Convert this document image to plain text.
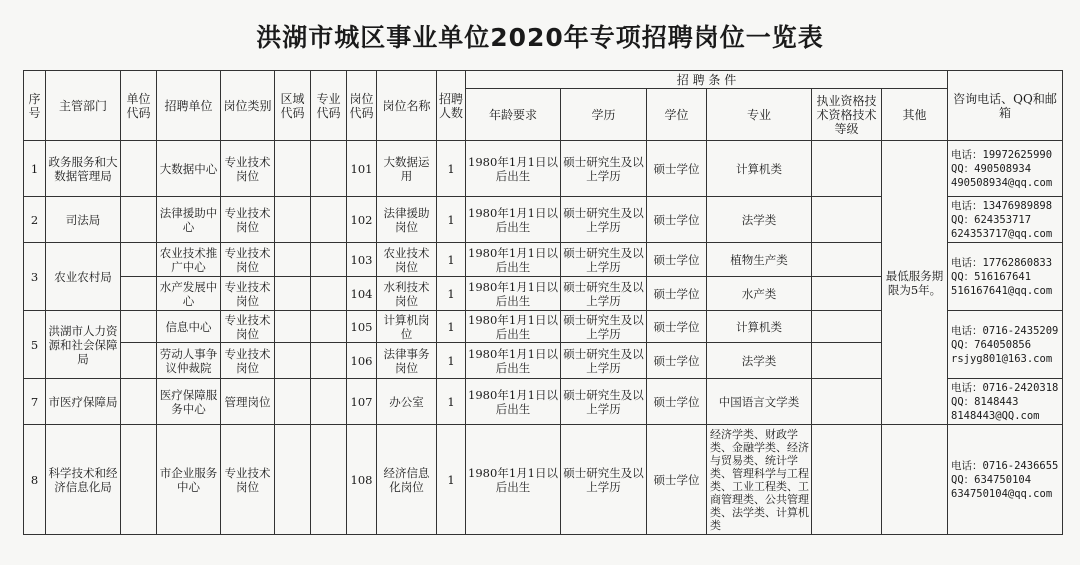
洪湖市城区事业单位2020年专项招聘岗位一览表
序号	主管部门	单位代码	招聘单位	岗位类别	区域代码	专业代码	岗位代码	岗位名称	招聘人数	招 聘 条 件						咨询电话、QQ和邮箱
										年龄要求	学历	学位	专业	执业资格技术资格技术等级	其他	
1	政务服务和大数据管理局		大数据中心	专业技术岗位			101	大数据运用	1	1980年1月1日以后出生	硕士研究生及以上学历	硕士学位	计算机类		最低服务期限为5年。	电话：19972625990
QQ：490508934
490508934@qq.com

2	司法局		法律援助中心	专业技术岗位			102	法律援助岗位	1	1980年1月1日以后出生	硕士研究生及以上学历	硕士学位	法学类			电话：13476989898
QQ：624353717
624353717@qq.com

3	农业农村局		农业技术推广中心	专业技术岗位			103	农业技术岗位	1	1980年1月1日以后出生	硕士研究生及以上学历	硕士学位	植物生产类			电话：17762860833
QQ：516167641
516167641@qq.com

			水产发展中心	专业技术岗位			104	水利技术岗位	1	1980年1月1日以后出生	硕士研究生及以上学历	硕士学位	水产类			
5	洪湖市人力资源和社会保障局		信息中心	专业技术岗位			105	计算机岗位	1	1980年1月1日以后出生	硕士研究生及以上学历	硕士学位	计算机类			电话：0716-2435209
QQ：764050856
rsjyg801@163.com

			劳动人事争议仲裁院	专业技术岗位			106	法律事务岗位	1	1980年1月1日以后出生	硕士研究生及以上学历	硕士学位	法学类			
7	市医疗保障局		医疗保障服务中心	管理岗位			107	办公室	1	1980年1月1日以后出生	硕士研究生及以上学历	硕士学位	中国语言文学类			电话：0716-2420318
QQ：8148443
8148443@QQ.com

8	科学技术和经济信息化局		市企业服务中心	专业技术岗位			108	经济信息化岗位	1	1980年1月1日以后出生	硕士研究生及以上学历	硕士学位	经济学类、财政学类、金融学类、经济与贸易类、统计学类、管理科学与工程类、工业工程类、工商管理类、公共管理类、法学类、计算机类			电话：0716-2436655
QQ：634750104
634750104@qq.com
